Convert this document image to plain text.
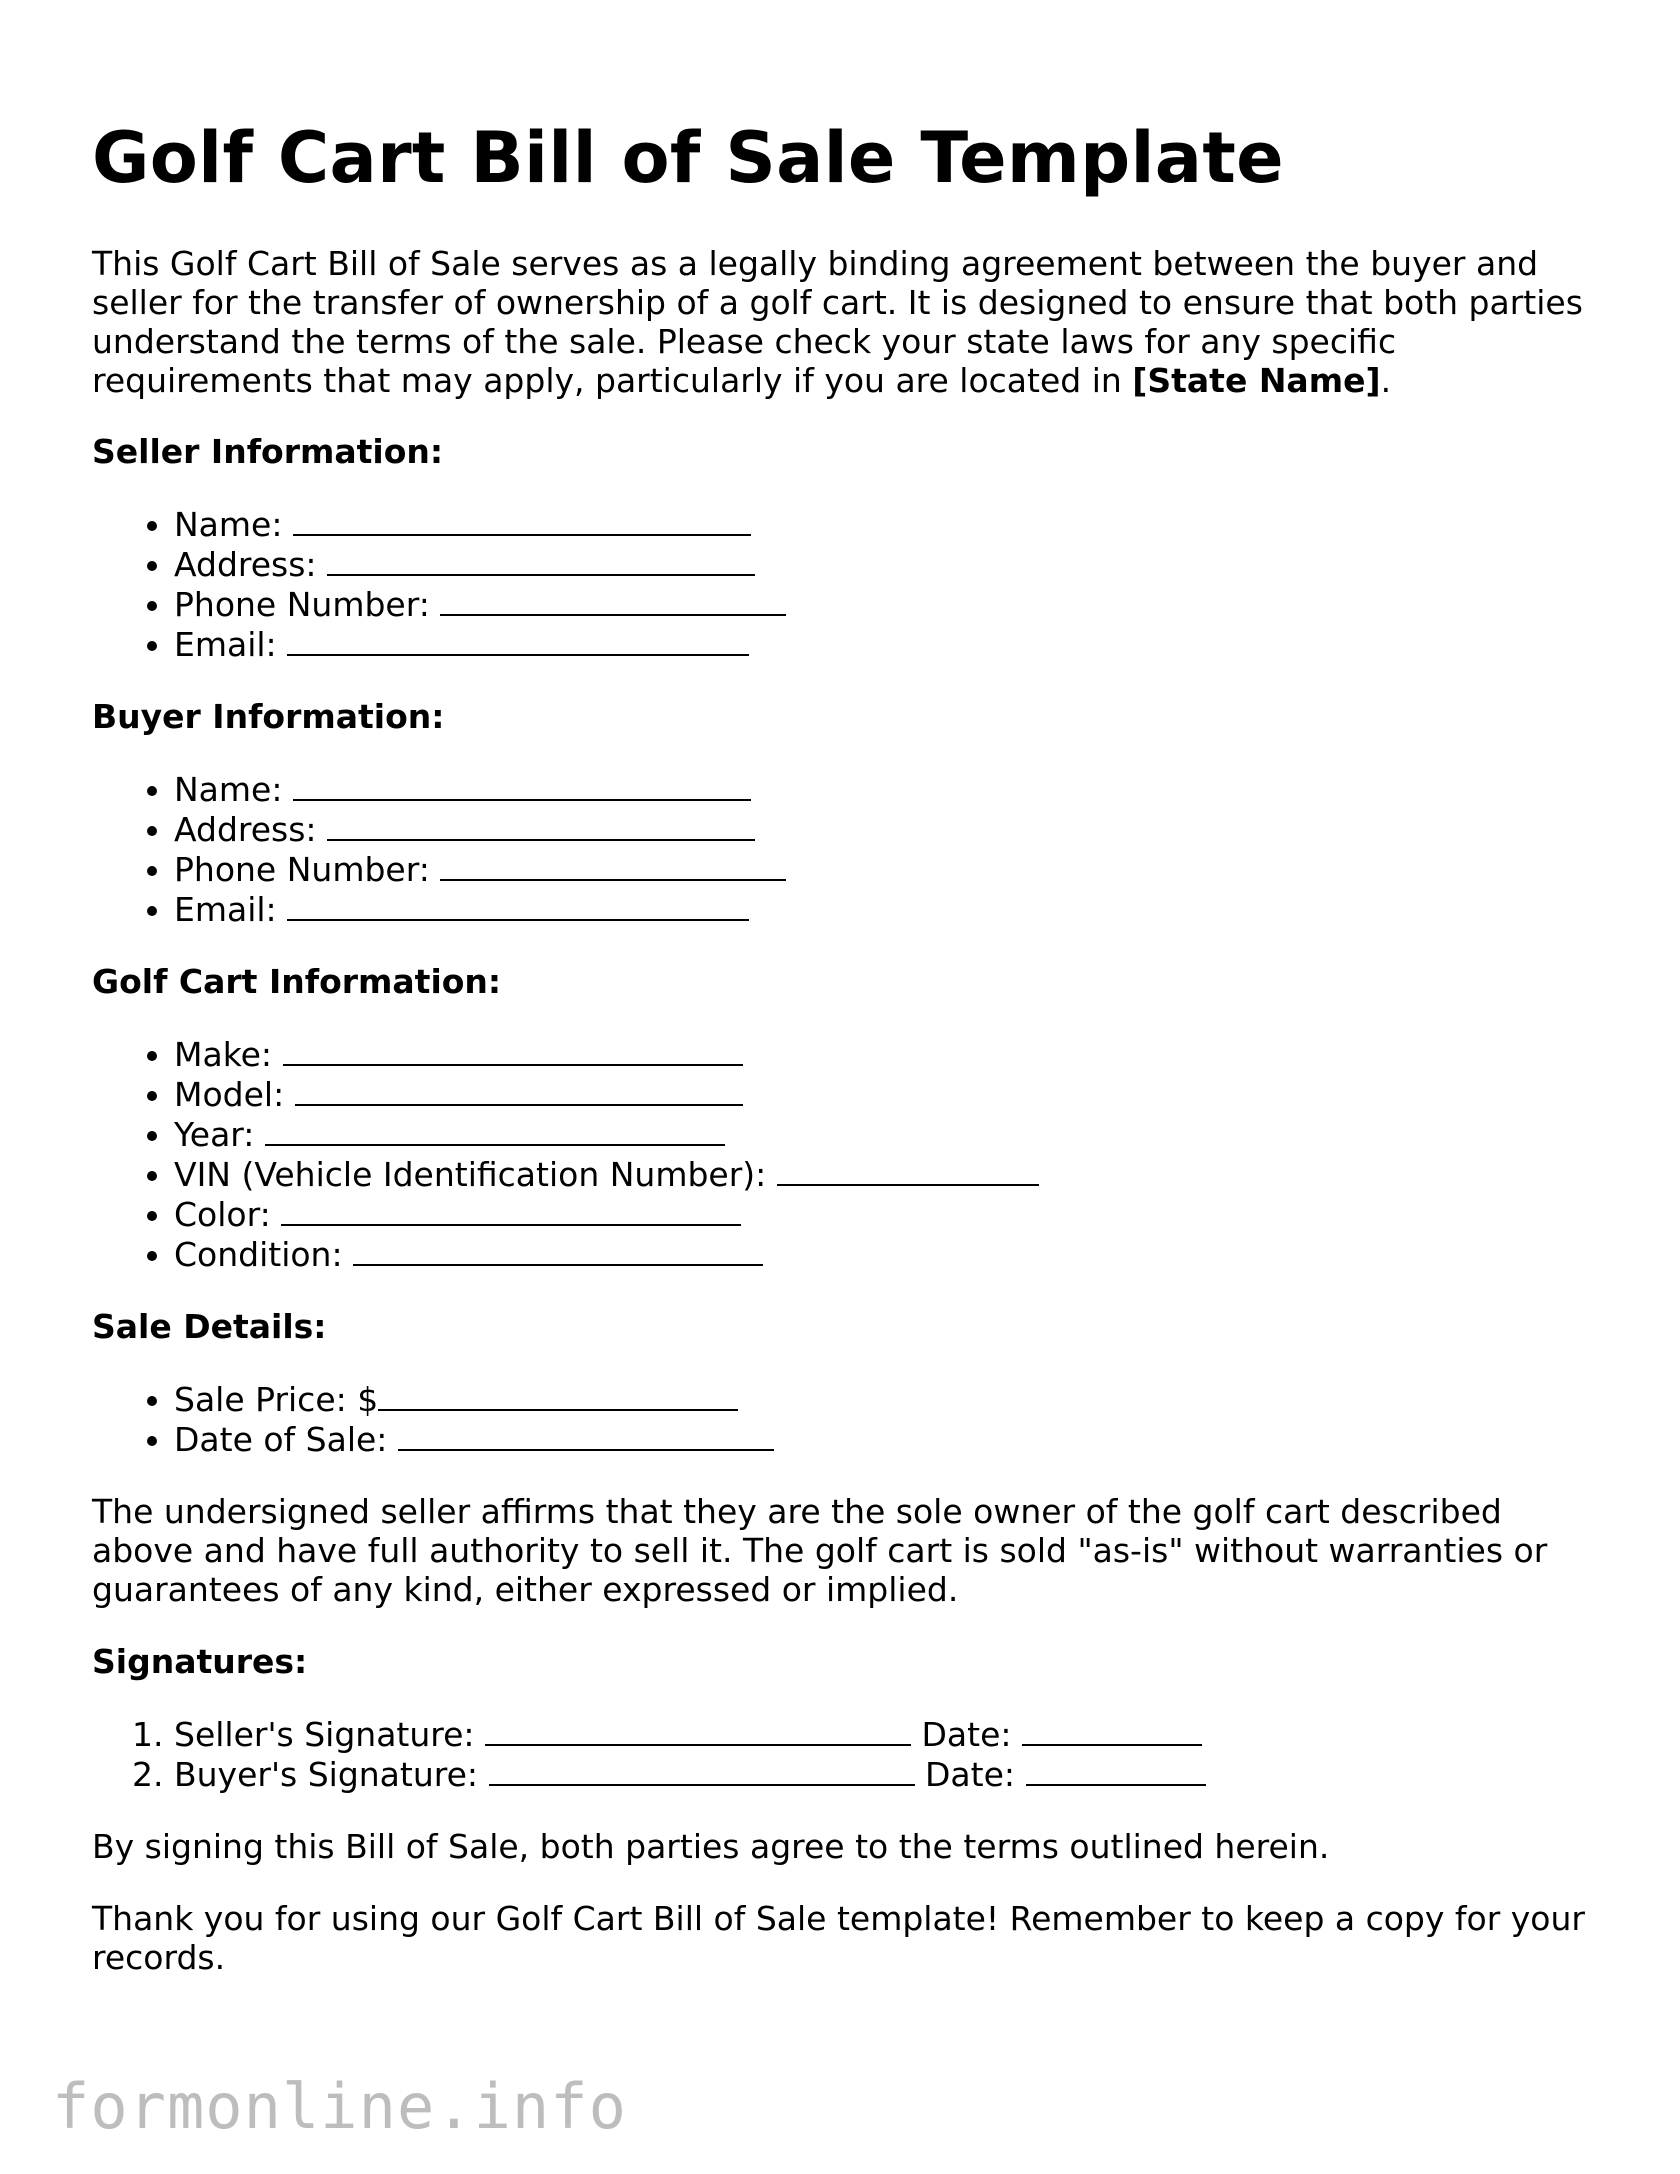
Golf Cart Bill of Sale Template

This Golf Cart Bill of Sale serves as a legally binding agreement between the buyer and seller for the transfer of ownership of a golf cart. It is designed to ensure that both parties understand the terms of the sale. Please check your state laws for any specific requirements that may apply, particularly if you are located in [State Name].

Seller Information:
• Name:
• Address:
• Phone Number:
• Email:
Buyer Information:
• Name:
• Address:
• Phone Number:
• Email:
Golf Cart Information:
• Make:
• Model:
• Year:
• VIN (Vehicle Identification Number):
• Color:
• Condition:
Sale Details:
• Sale Price: $
• Date of Sale:

The undersigned seller affirms that they are the sole owner of the golf cart described above and have full authority to sell it. The golf cart is sold "as-is" without warranties or guarantees of any kind, either expressed or implied.

Signatures:
1. Seller's Signature:	Date:
2. Buyer's Signature:	Date:

By signing this Bill of Sale, both parties agree to the terms outlined herein.

Thank you for using our Golf Cart Bill of Sale template! Remember to keep a copy for your records.

formonline.info
